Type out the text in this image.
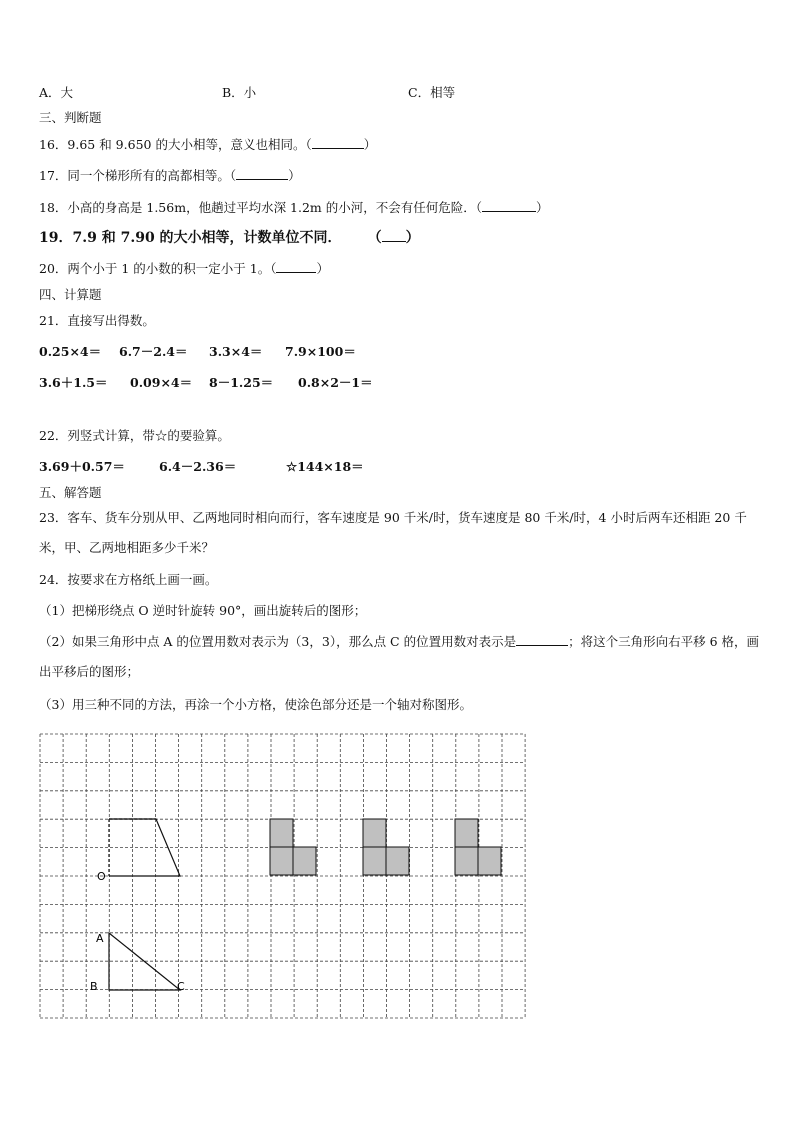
A．大	B．小	C．相等
三、判断题
16．9.65 和 9.650 的大小相等，意义也相同。（	）
17．同一个梯形所有的高都相等。（	）
18．小高的身高是 1.56m，他趟过平均水深 1.2m 的小河，不会有任何危险．（	）
19．7.9 和 7.90 的大小相等，计数单位不同． （ ）
20．两个小于 1 的小数的积一定小于 1。（	）
四、计算题
21．直接写出得数。
0.25×4＝ 6.7－2.4＝ 3.3×4＝ 7.9×100＝
3.6＋1.5＝ 0.09×4＝ 8－1.25＝ 0.8×2－1＝
22．列竖式计算，带☆的要验算。
3.69＋0.57＝	6.4－2.36＝	☆144×18＝
五、解答题
23．客车、货车分别从甲、乙两地同时相向而行，客车速度是 90 千米/时，货车速度是 80 千米/时，4 小时后两车还相距 20 千米，甲、乙两地相距多少千米？
24．按要求在方格纸上画一画。
（1）把梯形绕点 O 逆时针旋转 90°，画出旋转后的图形；
（2）如果三角形中点 A 的位置用数对表示为（3，3），那么点 C 的位置用数对表示是	；将这个三角形向右平移 6 格，画出平移后的图形；
（3）用三种不同的方法，再涂一个小方格，使涂色部分还是一个轴对称图形。
O
A
B	C
